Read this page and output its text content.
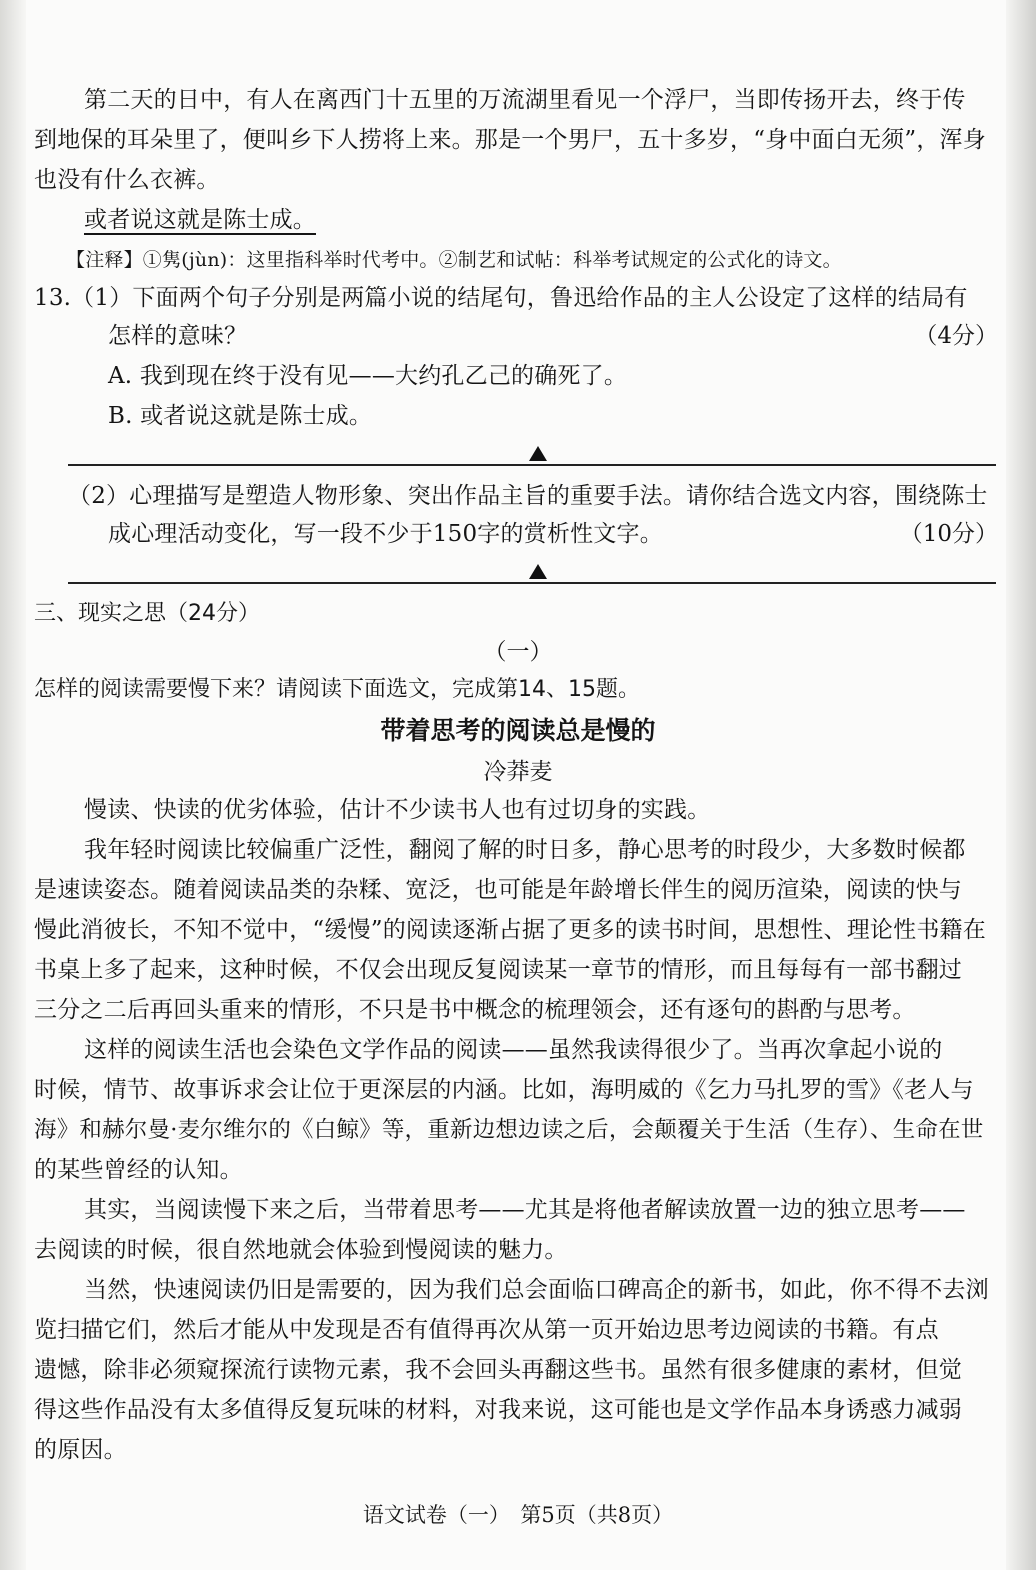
第二天的日中，有人在离西门十五里的万流湖里看见一个浮尸，当即传扬开去，终于传
到地保的耳朵里了，便叫乡下人捞将上来。那是一个男尸，五十多岁，“身中面白无须”，浑身
也没有什么衣裤。
或者说这就是陈士成。
【注释】①隽(jùn)：这里指科举时代考中。②制艺和试帖：科举考试规定的公式化的诗文。
13.（1）下面两个句子分别是两篇小说的结尾句，鲁迅给作品的主人公设定了这样的结局有
怎样的意味？	（4分）
A. 我到现在终于没有见——大约孔乙己的确死了。
B. 或者说这就是陈士成。
（2）心理描写是塑造人物形象、突出作品主旨的重要手法。请你结合选文内容，围绕陈士
成心理活动变化，写一段不少于150字的赏析性文字。	（10分）
三、现实之思（24分）
（一）
怎样的阅读需要慢下来？请阅读下面选文，完成第14、15题。
带着思考的阅读总是慢的
冷莽麦
慢读、快读的优劣体验，估计不少读书人也有过切身的实践。
我年轻时阅读比较偏重广泛性，翻阅了解的时日多，静心思考的时段少，大多数时候都
是速读姿态。随着阅读品类的杂糅、宽泛，也可能是年龄增长伴生的阅历渲染，阅读的快与
慢此消彼长，不知不觉中，“缓慢”的阅读逐渐占据了更多的读书时间，思想性、理论性书籍在
书桌上多了起来，这种时候，不仅会出现反复阅读某一章节的情形，而且每每有一部书翻过
三分之二后再回头重来的情形，不只是书中概念的梳理领会，还有逐句的斟酌与思考。
这样的阅读生活也会染色文学作品的阅读——虽然我读得很少了。当再次拿起小说的
时候，情节、故事诉求会让位于更深层的内涵。比如，海明威的《乞力马扎罗的雪》《老人与
海》和赫尔曼·麦尔维尔的《白鲸》等，重新边想边读之后，会颠覆关于生活（生存）、生命在世
的某些曾经的认知。
其实，当阅读慢下来之后，当带着思考——尤其是将他者解读放置一边的独立思考——
去阅读的时候，很自然地就会体验到慢阅读的魅力。
当然，快速阅读仍旧是需要的，因为我们总会面临口碑高企的新书，如此，你不得不去浏
览扫描它们，然后才能从中发现是否有值得再次从第一页开始边思考边阅读的书籍。有点
遗憾，除非必须窥探流行读物元素，我不会回头再翻这些书。虽然有很多健康的素材，但觉
得这些作品没有太多值得反复玩味的材料，对我来说，这可能也是文学作品本身诱惑力减弱
的原因。
语文试卷（一）　第5页（共8页）
